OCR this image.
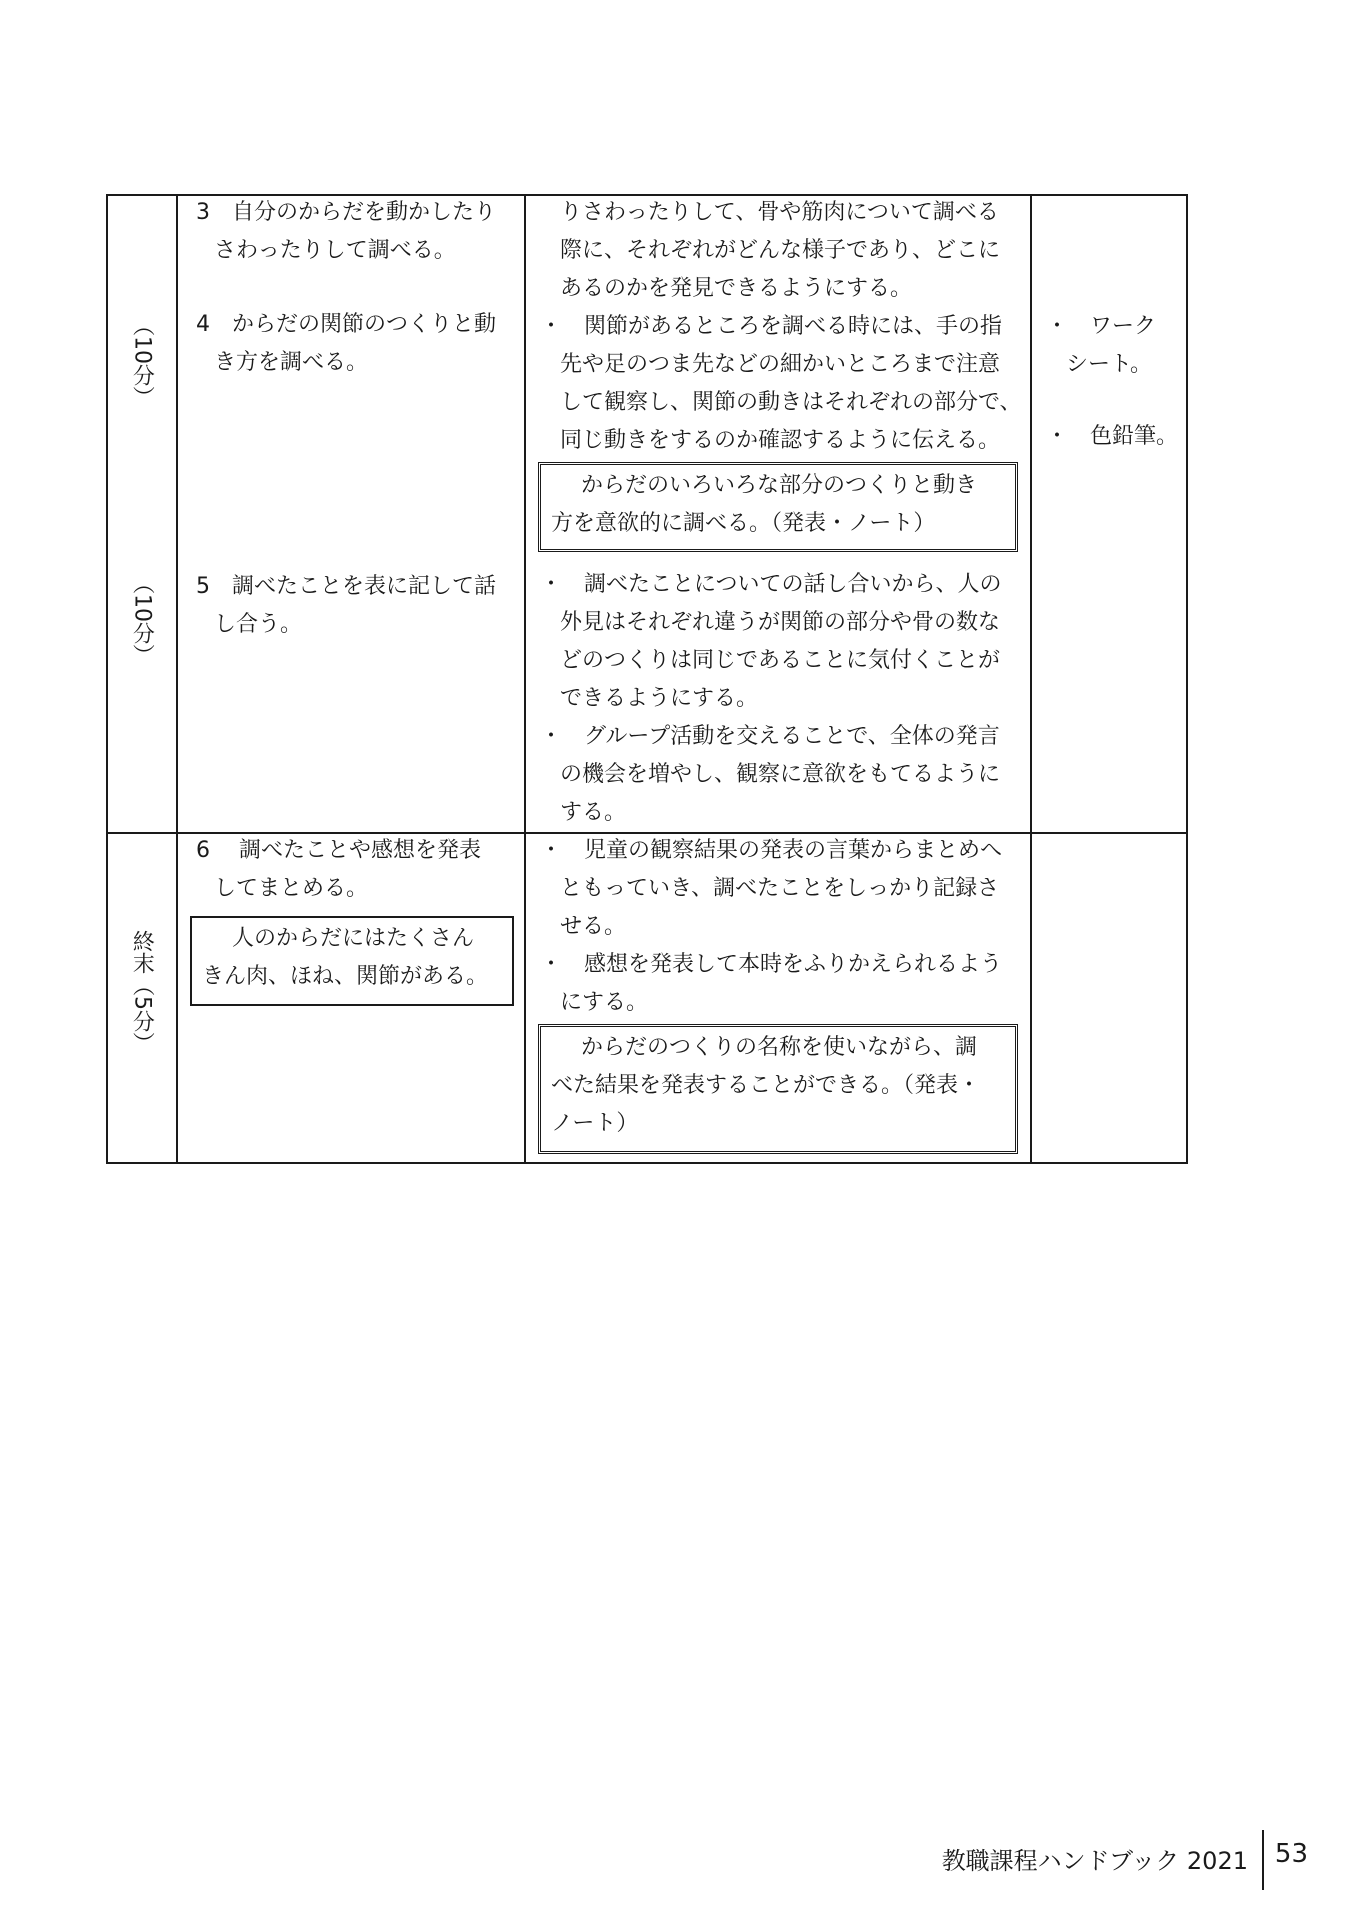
（10分）
（10分）
終末（5分）
3　自分のからだを動かしたり
さわったりして調べる。
4　からだの関節のつくりと動
き方を調べる。
5　調べたことを表に記して話
し合う。
6　 調べたことや感想を発表
してまとめる。
人のからだにはたくさん
きん肉、ほね、関節がある。
りさわったりして、骨や筋肉について調べる
際に、それぞれがどんな様子であり、どこに
あるのかを発見できるようにする。
・　関節があるところを調べる時には、手の指
先や足のつま先などの細かいところまで注意
して観察し、関節の動きはそれぞれの部分で、
同じ動きをするのか確認するように伝える。
からだのいろいろな部分のつくりと動き
方を意欲的に調べる。（発表・ノート）
・　調べたことについての話し合いから、人の
外見はそれぞれ違うが関節の部分や骨の数な
どのつくりは同じであることに気付くことが
できるようにする。
・　グループ活動を交えることで、全体の発言
の機会を増やし、観察に意欲をもてるように
する。
・　児童の観察結果の発表の言葉からまとめへ
ともっていき、調べたことをしっかり記録さ
せる。
・　感想を発表して本時をふりかえられるよう
にする。
からだのつくりの名称を使いながら、調
べた結果を発表することができる。（発表・
ノート）
・　ワーク
シート。
・　色鉛筆。
教職課程ハンドブック 2021 53
